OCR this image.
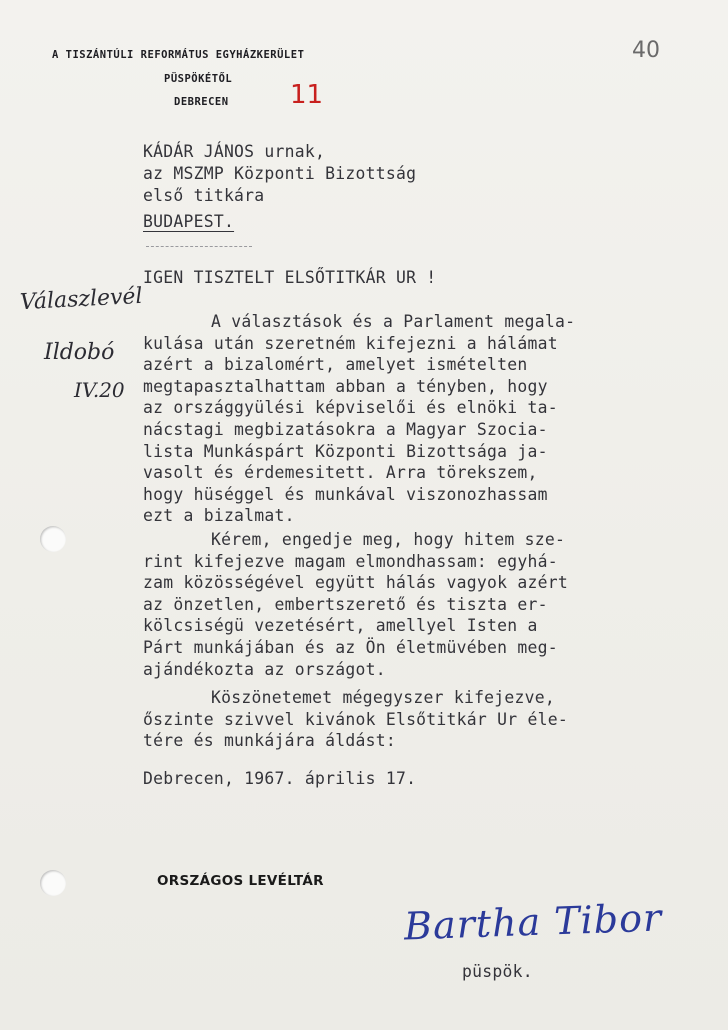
A TISZÁNTÚLI REFORMÁTUS EGYHÁZKERÜLET
PÜSPÖKÉTŐL
DEBRECEN 11
40
KÁDÁR JÁNOS urnak,
az MSZMP Központi Bizottság
első titkára
BUDAPEST.
IGEN TISZTELT ELSŐTITKÁR UR !
Válaszlevél
Ildobó
IV.20
A választások és a Parlament megala-
kulása után szeretném kifejezni a hálámat
azért a bizalomért, amelyet ismételten
megtapasztalhattam abban a tényben, hogy
az országgyülési képviselői és elnöki ta-
nácstagi megbizatásokra a Magyar Szocia-
lista Munkáspárt Központi Bizottsága ja-
vasolt és érdemesitett. Arra törekszem,
hogy hüséggel és munkával viszonozhassam
ezt a bizalmat.
Kérem, engedje meg, hogy hitem sze-
rint kifejezve magam elmondhassam: egyhá-
zam közösségével együtt hálás vagyok azért
az önzetlen, embertszerető és tiszta er-
kölcsiségü vezetésért, amellyel Isten a
Párt munkájában és az Ön életmüvében meg-
ajándékozta az országot.
Köszönetemet mégegyszer kifejezve,
őszinte szivvel kivánok Elsőtitkár Ur éle-
tére és munkájára áldást:
Debrecen, 1967. április 17.
ORSZÁGOS LEVÉLTÁR
Bartha Tibor
püspök.
